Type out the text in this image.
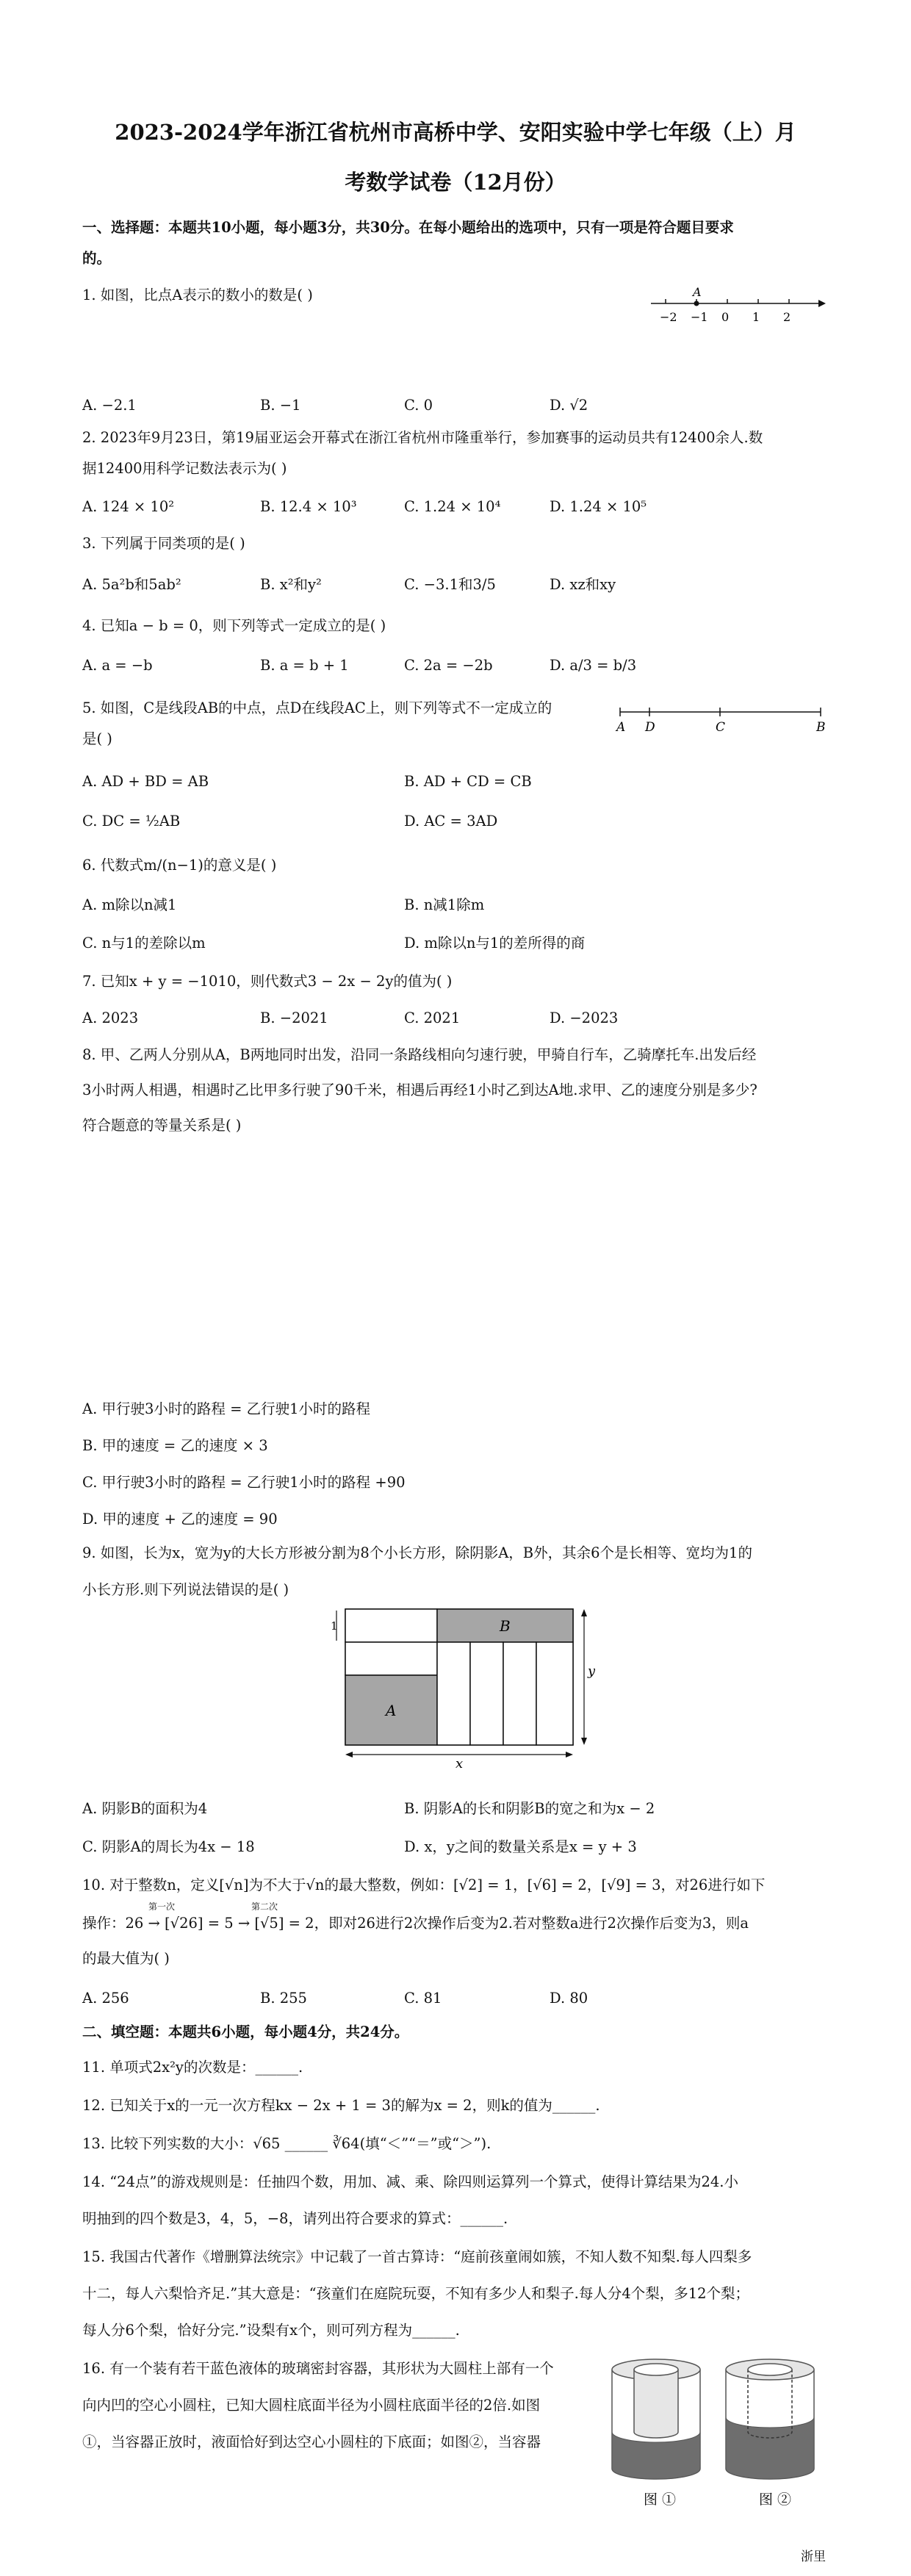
2023-2024学年浙江省杭州市高桥中学、安阳实验中学七年级（上）月
考数学试卷（12月份）
一、选择题：本题共10小题，每小题3分，共30分。在每小题给出的选项中，只有一项是符合题目要求
的。
1. 如图，比点A表示的数小的数是( )
−2 −1 0 1 2
A
A. −2.1	B. −1	C. 0	D. √2
2. 2023年9月23日，第19届亚运会开幕式在浙江省杭州市隆重举行，参加赛事的运动员共有12400余人.数
据12400用科学记数法表示为( )
A. 124 × 10²	B. 12.4 × 10³	C. 1.24 × 10⁴	D. 1.24 × 10⁵
3. 下列属于同类项的是( )
A. 5a²b和5ab²	B. x²和y²	C. −3.1和3/5	D. xz和xy
4. 已知a − b = 0，则下列等式一定成立的是( )
A. a = −b	B. a = b + 1	C. 2a = −2b	D. a/3 = b/3
5. 如图，C是线段AB的中点，点D在线段AC上，则下列等式不一定成立的
是( )
A D	C	B
A. AD + BD = AB	B. AD + CD = CB
C. DC = ½AB	D. AC = 3AD
6. 代数式m/(n−1)的意义是( )
A. m除以n减1	B. n减1除m
C. n与1的差除以m	D. m除以n与1的差所得的商
7. 已知x + y = −1010，则代数式3 − 2x − 2y的值为( )
A. 2023	B. −2021	C. 2021	D. −2023
8. 甲、乙两人分别从A，B两地同时出发，沿同一条路线相向匀速行驶，甲骑自行车，乙骑摩托车.出发后经
3小时两人相遇，相遇时乙比甲多行驶了90千米，相遇后再经1小时乙到达A地.求甲、乙的速度分别是多少?
符合题意的等量关系是( )
A. 甲行驶3小时的路程 = 乙行驶1小时的路程
B. 甲的速度 = 乙的速度 × 3
C. 甲行驶3小时的路程 = 乙行驶1小时的路程 +90
D. 甲的速度 + 乙的速度 = 90
9. 如图，长为x，宽为y的大长方形被分割为8个小长方形，除阴影A，B外，其余6个是长相等、宽均为1的
小长方形.则下列说法错误的是( )
A
B
1
y
x
A. 阴影B的面积为4	B. 阴影A的长和阴影B的宽之和为x − 2
C. 阴影A的周长为4x − 18	D. x，y之间的数量关系是x = y + 3
10. 对于整数n，定义[√n]为不大于√n的最大整数，例如：[√2] = 1，[√6] = 2，[√9] = 3，对26进行如下
第一次	第二次
操作：26 → [√26] = 5 → [√5] = 2，即对26进行2次操作后变为2.若对整数a进行2次操作后变为3，则a
的最大值为( )
A. 256	B. 255	C. 81	D. 80
二、填空题：本题共6小题，每小题4分，共24分。
11. 单项式2x²y的次数是：______.
12. 已知关于x的一元一次方程kx − 2x + 1 = 3的解为x = 2，则k的值为______.
13. 比较下列实数的大小：√65 ______ ∛64(填“＜”“＝”或“＞”).
14. “24点”的游戏规则是：任抽四个数，用加、减、乘、除四则运算列一个算式，使得计算结果为24.小
明抽到的四个数是3，4，5，−8，请列出符合要求的算式：______.
15. 我国古代著作《增删算法统宗》中记载了一首古算诗：“庭前孩童闹如簇，不知人数不知梨.每人四梨多
十二，每人六梨恰齐足.”其大意是：“孩童们在庭院玩耍，不知有多少人和梨子.每人分4个梨，多12个梨；
每人分6个梨，恰好分完.”设梨有x个，则可列方程为______.
16. 有一个装有若干蓝色液体的玻璃密封容器，其形状为大圆柱上部有一个
向内凹的空心小圆柱，已知大圆柱底面半径为小圆柱底面半径的2倍.如图
①，当容器正放时，液面恰好到达空心小圆柱的下底面；如图②，当容器
图 ①	图 ②
浙里
